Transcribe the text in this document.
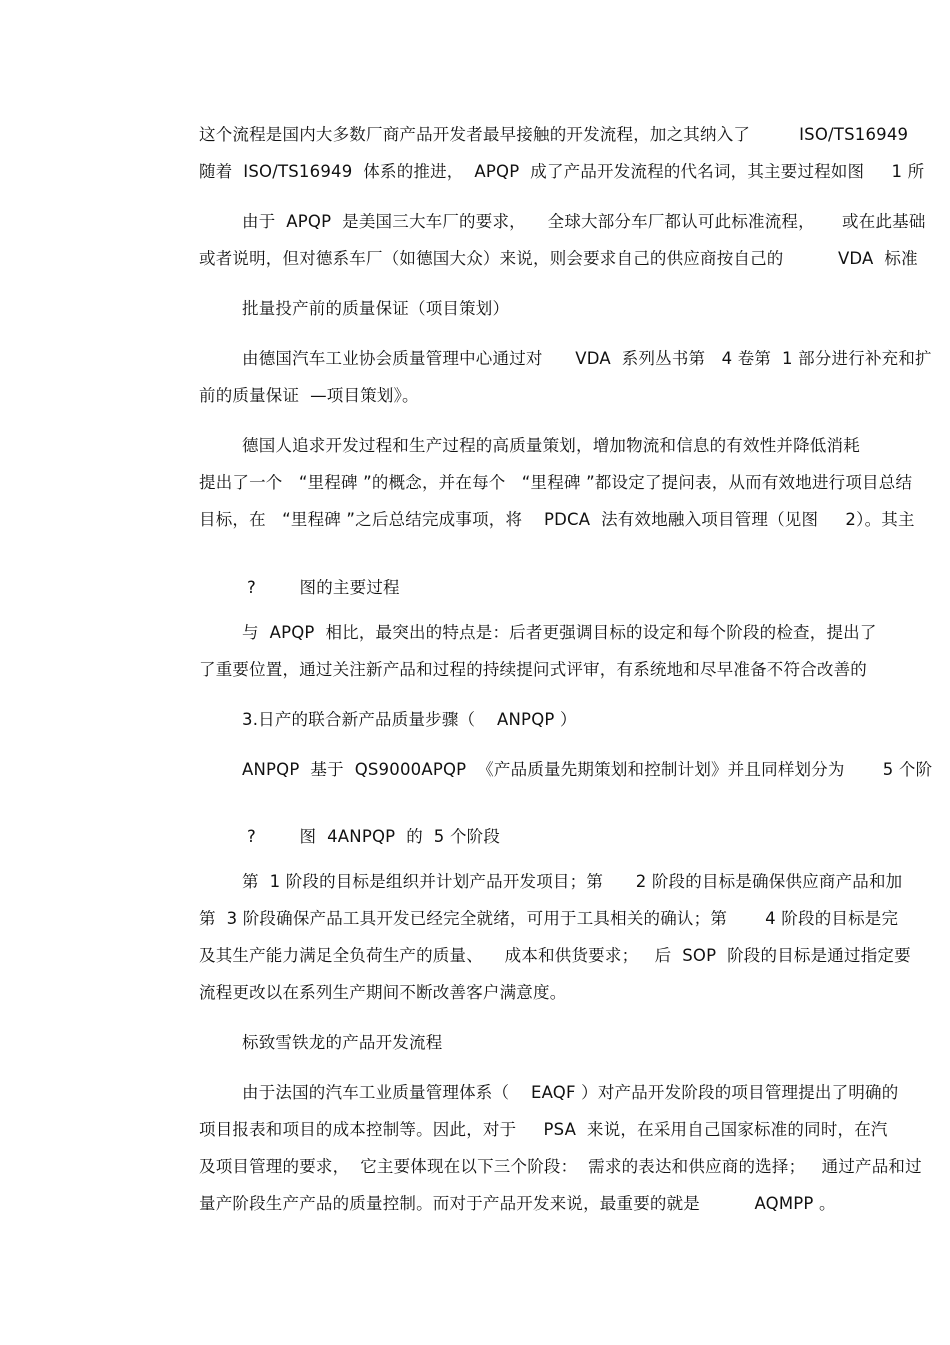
这个流程是国内大多数厂商产品开发者最早接触的开发流程，加之其纳入了         ISO/TS16949
随着  ISO/TS16949  体系的推进，  APQP  成了产品开发流程的代名词，其主要过程如图     1 所
由于  APQP  是美国三大车厂的要求，    全球大部分车厂都认可此标准流程，     或在此基础
或者说明，但对德系车厂（如德国大众）来说，则会要求自己的供应商按自己的          VDA  标准
批量投产前的质量保证（项目策划）
由德国汽车工业协会质量管理中心通过对      VDA  系列丛书第   4 卷第  1 部分进行补充和扩
前的质量保证  —项目策划》。
德国人追求开发过程和生产过程的高质量策划，增加物流和信息的有效性并降低消耗
提出了一个   “里程碑 ”的概念，并在每个   “里程碑 ”都设定了提问表，从而有效地进行项目总结
目标，在   “里程碑 ”之后总结完成事项，将    PDCA  法有效地融入项目管理（见图     2）。其主
?        图的主要过程
与  APQP  相比，最突出的特点是：后者更强调目标的设定和每个阶段的检查，提出了
了重要位置，通过关注新产品和过程的持续提问式评审，有系统地和尽早准备不符合改善的
3.日产的联合新产品质量步骤（    ANPQP ）
ANPQP  基于  QS9000APQP  《产品质量先期策划和控制计划》并且同样划分为       5 个阶
?        图  4ANPQP  的  5 个阶段
第  1 阶段的目标是组织并计划产品开发项目；第      2 阶段的目标是确保供应商产品和加
第  3 阶段确保产品工具开发已经完全就绪，可用于工具相关的确认；第       4 阶段的目标是完
及其生产能力满足全负荷生产的质量、    成本和供货要求；   后  SOP  阶段的目标是通过指定要
流程更改以在系列生产期间不断改善客户满意度。
标致雪铁龙的产品开发流程
由于法国的汽车工业质量管理体系（    EAQF ）对产品开发阶段的项目管理提出了明确的
项目报表和项目的成本控制等。因此，对于     PSA  来说，在采用自己国家标准的同时，在汽
及项目管理的要求，  它主要体现在以下三个阶段：  需求的表达和供应商的选择；   通过产品和过
量产阶段生产产品的质量控制。而对于产品开发来说，最重要的就是          AQMPP 。
